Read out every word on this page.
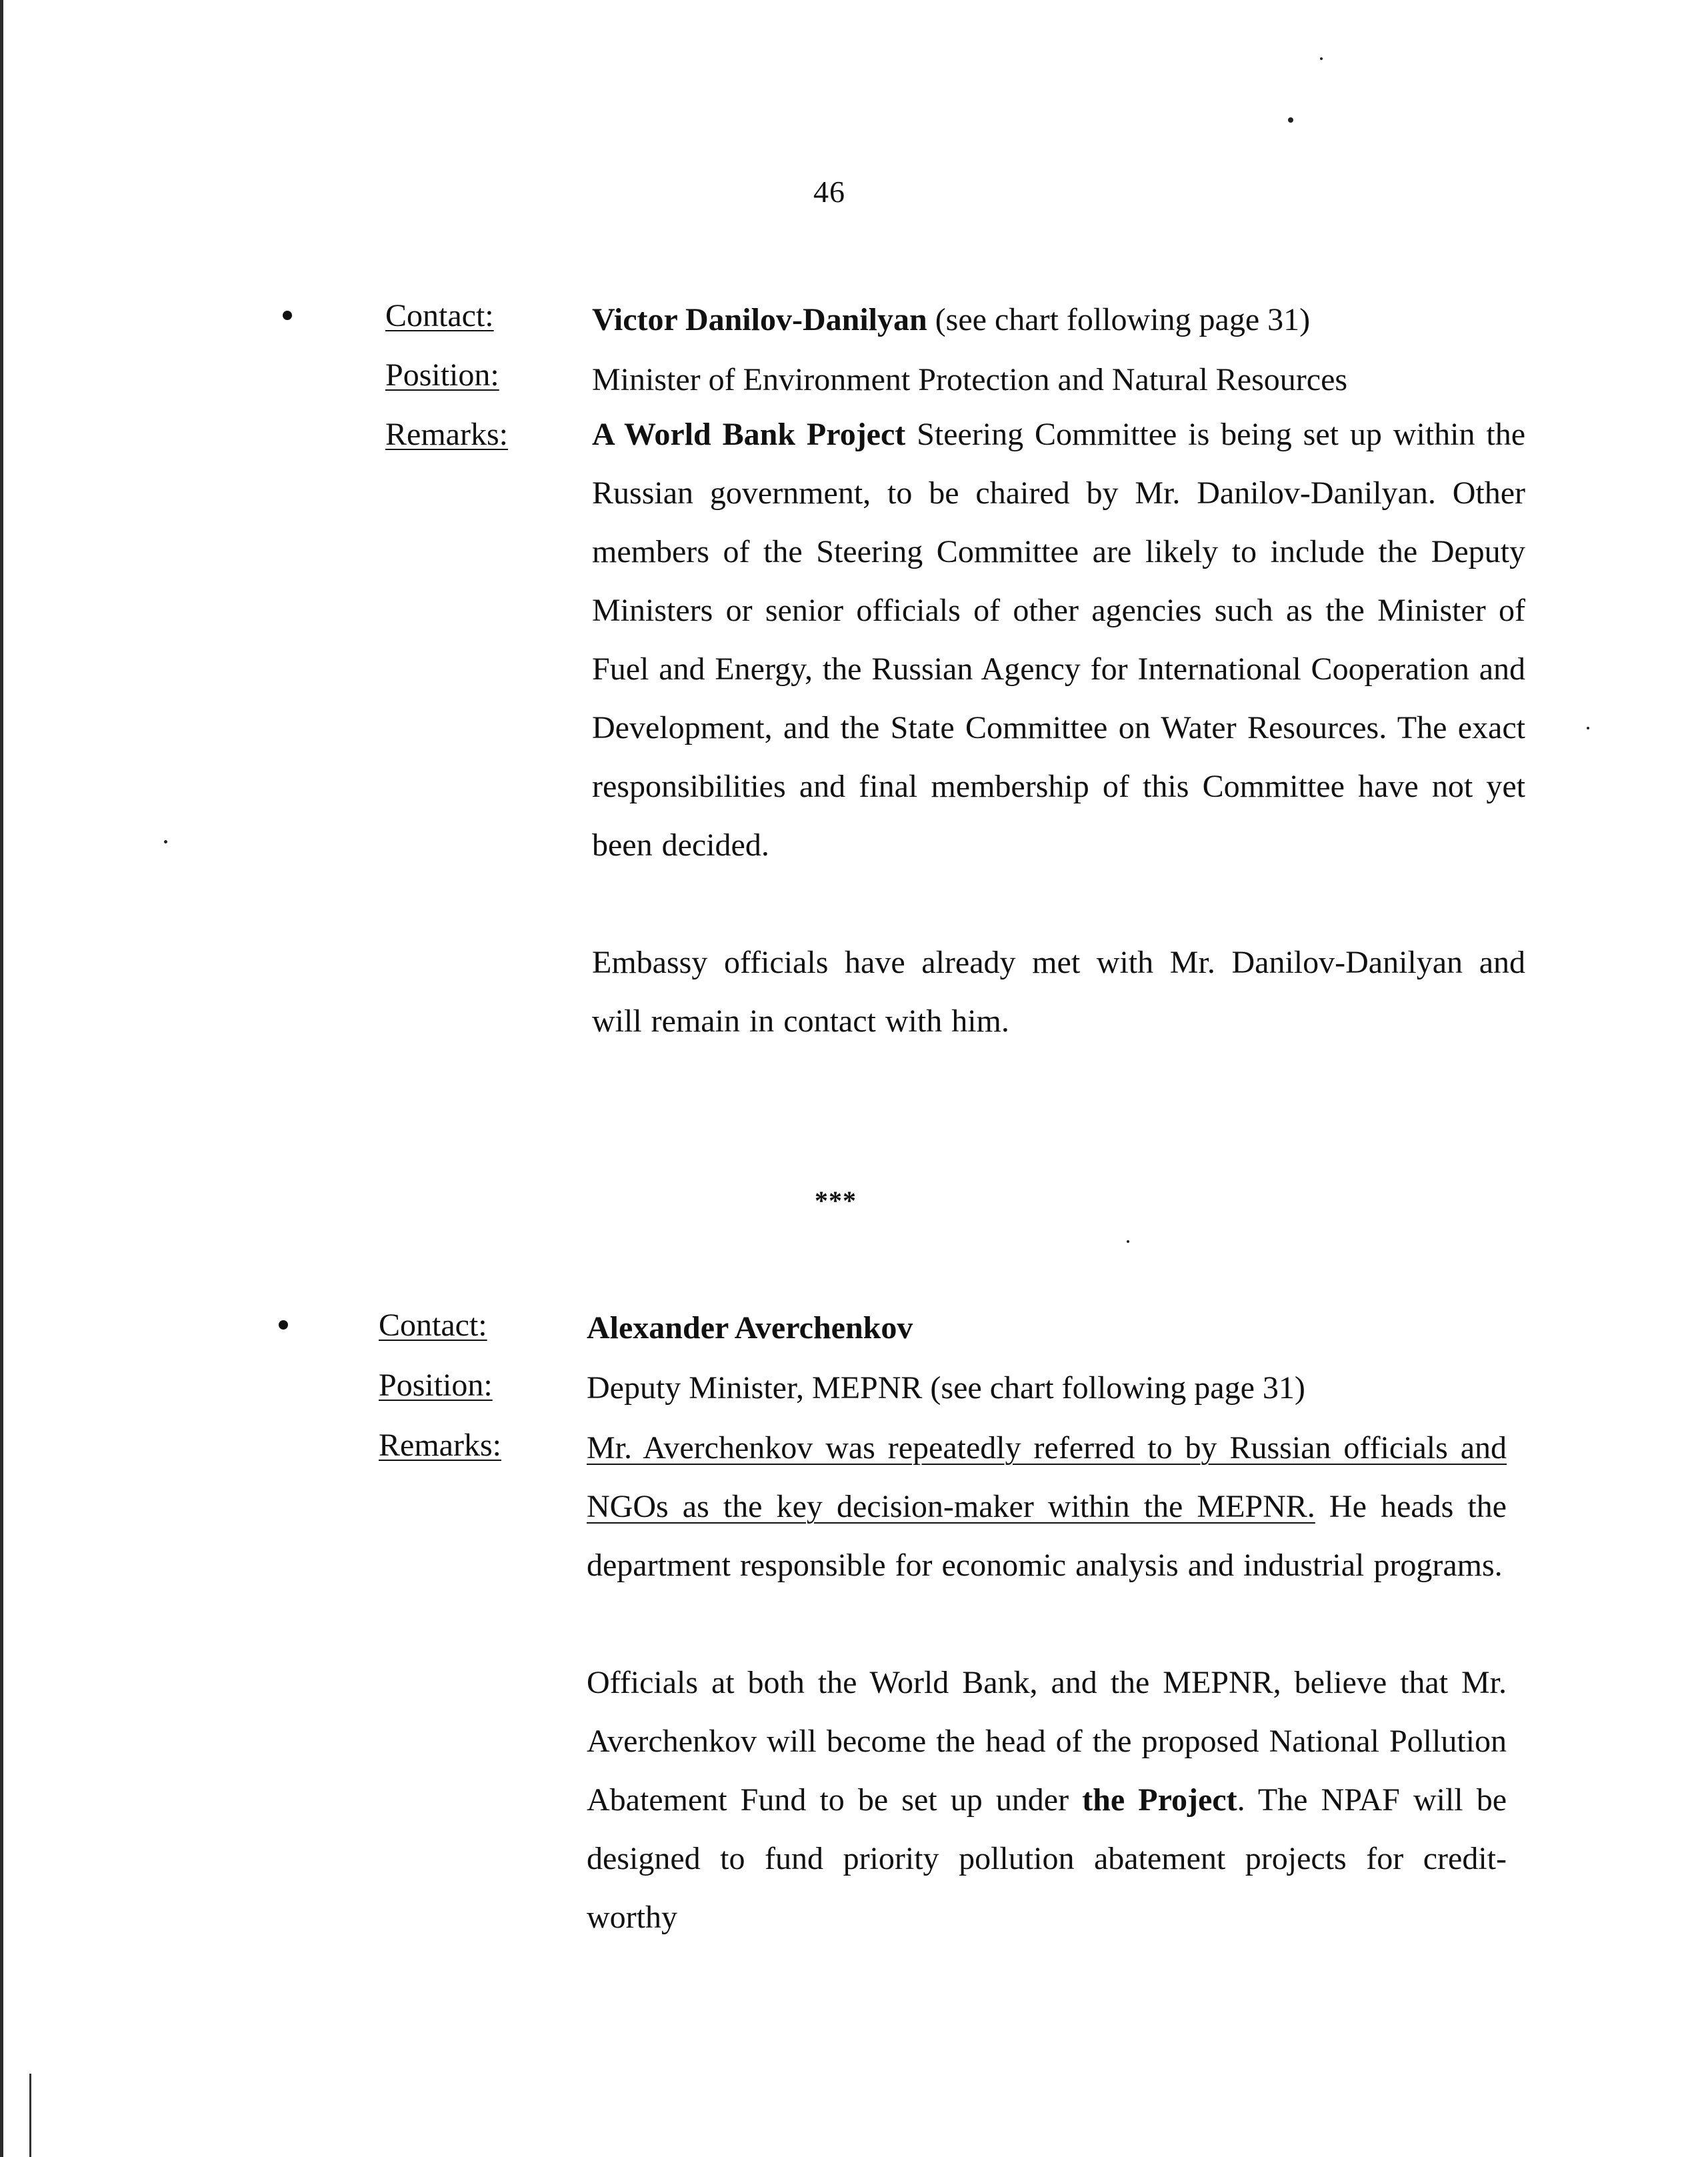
46
Contact:
Position:
Remarks:
Victor Danilov-Danilyan (see chart following page 31)
Minister of Environment Protection and Natural Resources

A World Bank Project Steering Committee is being set up within the Russian government, to be chaired by Mr. Danilov-Danilyan. Other members of the Steering Committee are likely to include the Deputy Ministers or senior officials of other agencies such as the Minister of Fuel and Energy, the Russian Agency for International Cooperation and Development, and the State Committee on Water Resources. The exact responsibilities and final membership of this Committee have not yet been decided.

Embassy officials have already met with Mr. Danilov-Danilyan and will remain in contact with him.

***
Contact:
Position:
Remarks:
Alexander Averchenkov
Deputy Minister, MEPNR (see chart following page 31)

Mr. Averchenkov was repeatedly referred to by Russian officials and NGOs as the key decision-maker within the MEPNR. He heads the department responsible for economic analysis and industrial programs.

Officials at both the World Bank, and the MEPNR, believe that Mr. Averchenkov will become the head of the proposed National Pollution Abatement Fund to be set up under the Project. The NPAF will be designed to fund priority pollution abatement projects for credit-worthy
